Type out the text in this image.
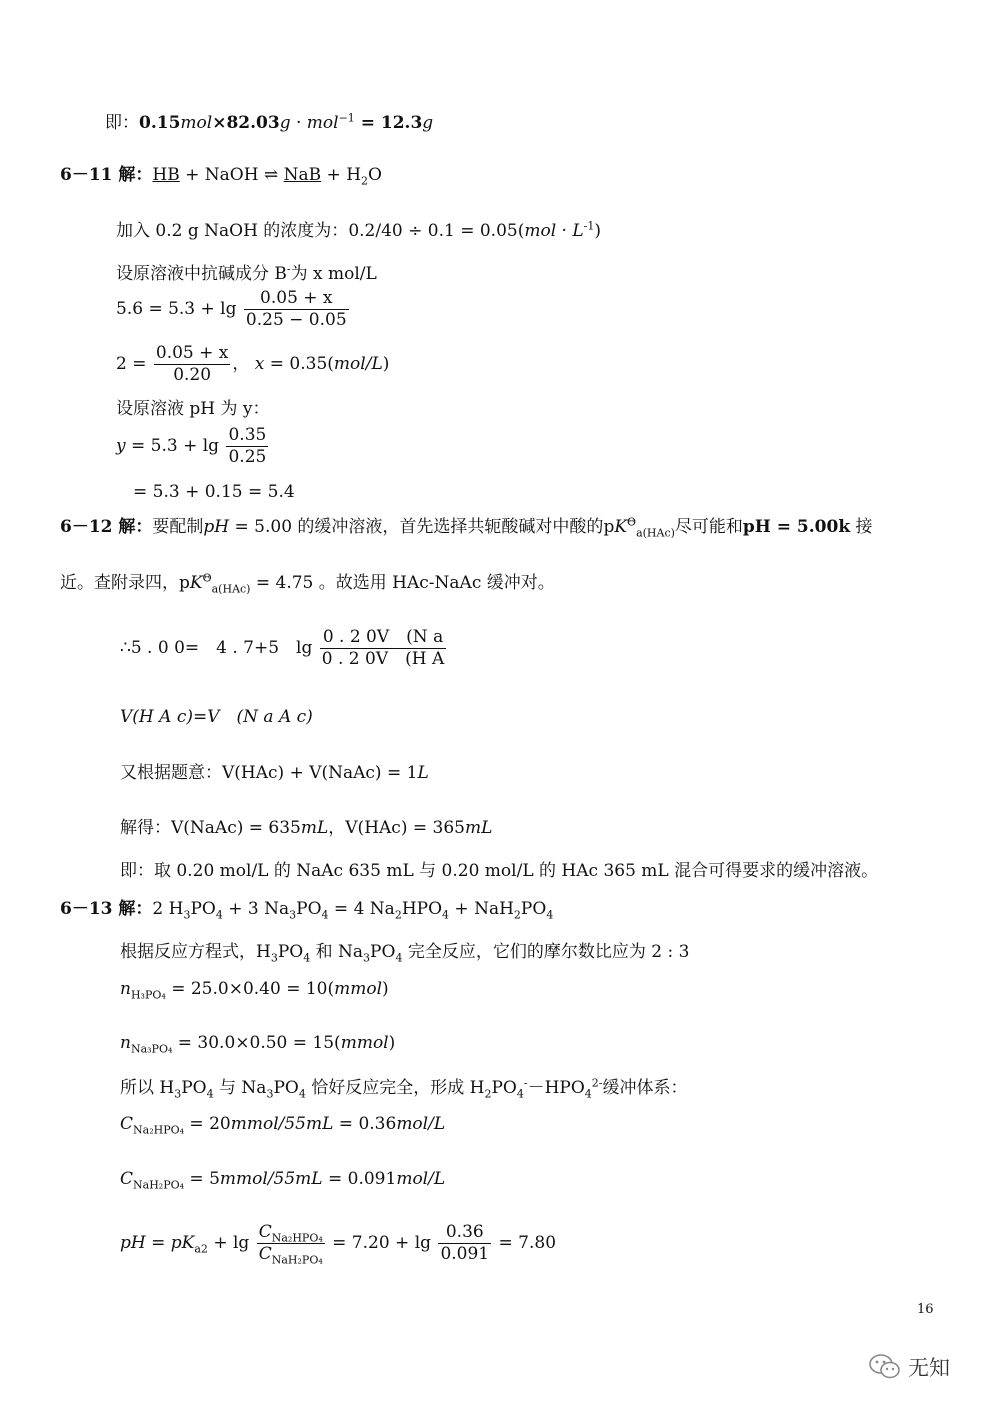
即：0.15mol×82.03g · mol$^{-1}$ = 12.3g
6－11 解：HB + NaOH ⇌ NaB + $H_2O$
加入 0.2 g NaOH 的浓度为：$0.2/40 \div 0.1 = 0.05(mol \cdot L^{-1})$
设原溶液中抗碱成分 B-为 x mol/L
$5.6 = 5.3 + \lg \frac{0.05 + x}{0.25 - 0.05}$
$2 = \frac{0.05 + x}{0.20}$ ， x = 0.35(mol/L)
设原溶液 pH 为 y：
$y = 5.3 + \lg \frac{0.35}{0.25}$
= 5.3 + 0.15 = 5.4
6－12 解：要配制pH = 5.00 的缓冲溶液，首先选择共轭酸碱对中酸的$pK^\Theta_{a(HAc)}$尽可能和pH = 5.00k 接
近。查附录四，$pK^\Theta_{a(HAc)} = 4.75$ 。故选用 HAc-NaAc 缓冲对。
∴5 . 0 0=　4 . 7+5　$\lg \frac{\text{0 . 2 0V　(N a}}{\text{0 . 2 0V　(H A}}$
V(H A c)=V　(N a A c)
又根据题意：V(HAc) + V(NaAc) = 1L
解得：V(NaAc) = 635mL，V(HAc) = 365mL
即：取 0.20 mol/L 的 NaAc 635 mL 与 0.20 mol/L 的 HAc 365 mL 混合可得要求的缓冲溶液。
6－13 解：2 $H_3PO_4 + 3$ $Na_3PO_4 = 4$ $Na_2HPO_4 + NaH_2PO_4$
根据反应方程式，$H_3PO_4$ 和 $Na_3PO_4$ 完全反应，它们的摩尔数比应为 2 : 3
$n_{H_3PO_4} = 25.0\times 0.40$ = 10(mmol)
$n_{Na_3PO_4} = 30.0\times 0.50$ = 15(mmol)
所以 $H_3PO_4$ 与 $Na_3PO_4$ 恰好反应完全，形成 $H_2PO_4^--HPO_4^{2-}$缓冲体系：
$C_{Na_2HPO_4}$ = 20mmol/55mL = 0.36mol/L
$C_{NaH_2PO_4}$ = 5mmol/55mL = 0.091mol/L
pH = $pK_{a2} + \lg \frac{C_{Na_2HPO_4}}{C_{NaH_2PO_4}} = 7.20 + \lg \frac{0.36}{0.091} = 7.80$
16
无知
